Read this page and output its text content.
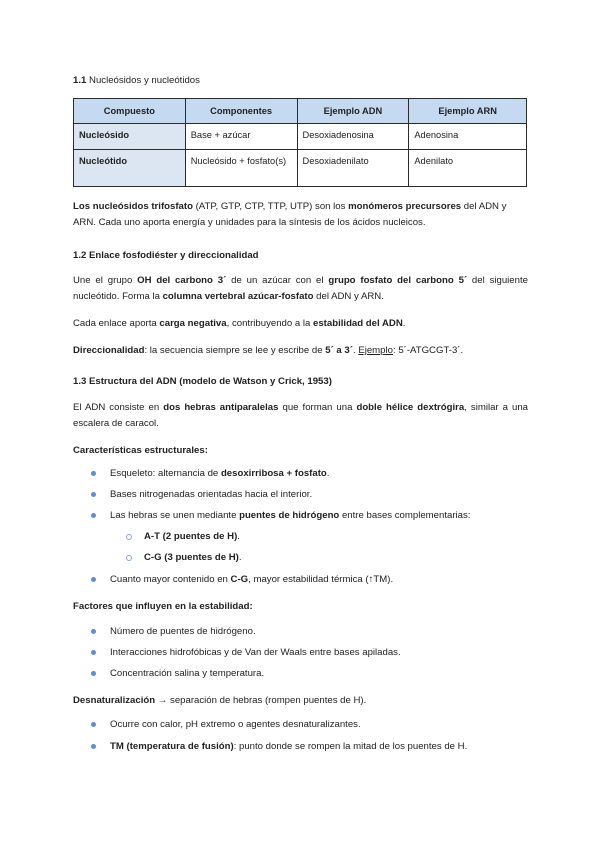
1.1 Nucleósidos y nucleótidos
Compuesto	Componentes	Ejemplo ADN	Ejemplo ARN
Nucleósido	Base + azúcar	Desoxiadenosina	Adenosina
Nucleótido	Nucleósido + fosfato(s)	Desoxiadenilato	Adenilato

Los nucleósidos trifosfato (ATP, GTP, CTP, TTP, UTP) son los monómeros precursores del ADN y ARN. Cada uno aporta energía y unidades para la síntesis de los ácidos nucleicos.

1.2 Enlace fosfodiéster y direccionalidad

Une el grupo OH del carbono 3´ de un azúcar con el grupo fosfato del carbono 5´ del siguiente nucleótido. Forma la columna vertebral azúcar-fosfato del ADN y ARN.

Cada enlace aporta carga negativa, contribuyendo a la estabilidad del ADN.

Direccionalidad: la secuencia siempre se lee y escribe de 5´ a 3´. Ejemplo: 5´-ATGCGT-3´.

1.3 Estructura del ADN (modelo de Watson y Crick, 1953)

El ADN consiste en dos hebras antiparalelas que forman una doble hélice dextrógira, similar a una escalera de caracol.

Características estructurales:

Esqueleto: alternancia de desoxirribosa + fosfato.
Bases nitrogenadas orientadas hacia el interior.
Las hebras se unen mediante puentes de hidrógeno entre bases complementarias:
A-T (2 puentes de H).
C-G (3 puentes de H).
Cuanto mayor contenido en C-G, mayor estabilidad térmica (↑TM).

Factores que influyen en la estabilidad:

Número de puentes de hidrógeno.
Interacciones hidrofóbicas y de Van der Waals entre bases apiladas.
Concentración salina y temperatura.

Desnaturalización → separación de hebras (rompen puentes de H).

Ocurre con calor, pH extremo o agentes desnaturalizantes.
TM (temperatura de fusión): punto donde se rompen la mitad de los puentes de H.
